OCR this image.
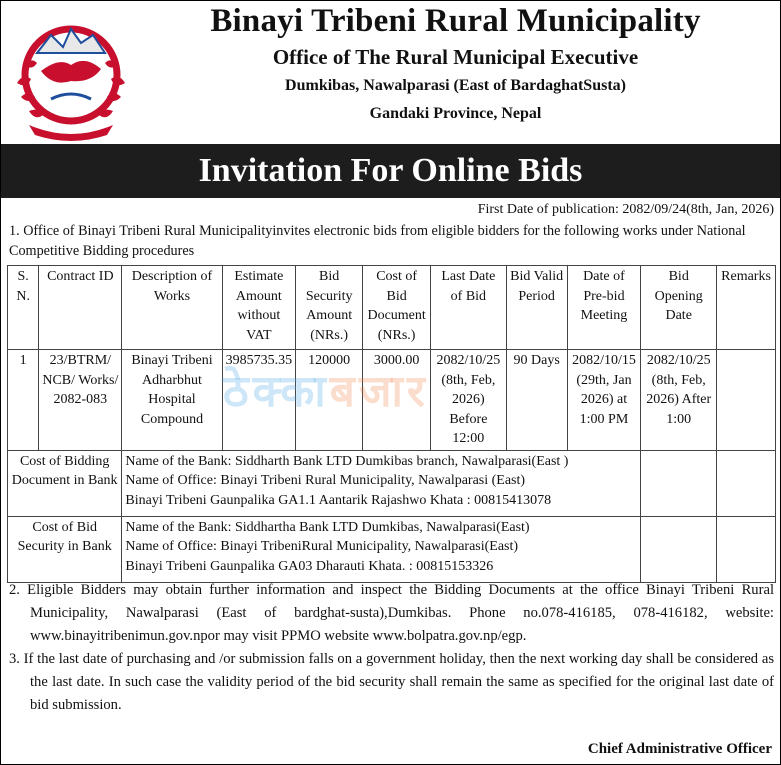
Binayi Tribeni Rural Municipality
Office of The Rural Municipal Executive
Dumkibas, Nawalparasi (East of BardaghatSusta)
Gandaki Province, Nepal
Invitation For Online Bids
First Date of publication: 2082/09/24(8th, Jan, 2026)
1. Office of Binayi Tribeni Rural Municipalityinvites electronic bids from eligible bidders for the following works under National Competitive Bidding procedures
S. N.	Contract ID	Description of Works	Estimate Amount without VAT	Bid Security Amount (NRs.)	Cost of Bid Document (NRs.)	Last Date of Bid	Bid Valid Period	Date of Pre-bid Meeting	Bid Opening Date	Remarks
1	23/BTRM/ NCB/ Works/ 2082-083	Binayi Tribeni Adharbhut Hospital Compound	3985735.35	120000	3000.00	2082/10/25 (8th, Feb, 2026) Before 12:00	90 Days	2082/10/15 (29th, Jan 2026) at 1:00 PM	2082/10/25 (8th, Feb, 2026) After 1:00	
Cost of Bidding Document in Bank		Name of the Bank: Siddharth Bank LTD Dumkibas branch, Nawalparasi(East )
Name of Office: Binayi Tribeni Rural Municipality, Nawalparasi (East)
Binayi Tribeni Gaunpalika GA1.1 Aantarik Rajashwo Khata : 00815413078								

Cost of Bid Security in Bank		Name of the Bank: Siddhartha Bank LTD Dumkibas, Nawalparasi(East)
Name of Office: Binayi TribeniRural Municipality, Nawalparasi(East)
Binayi Tribeni Gaunpalika GA03 Dharauti Khata. : 00815153326								

ठेक्काबजार
2. Eligible Bidders may obtain further information and inspect the Bidding Documents at the office Binayi Tribeni Rural Municipality, Nawalparasi (East of bardghat-susta),Dumkibas. Phone no.078-416185, 078-416182, website: www.binayitribenimun.gov.npor may visit PPMO website www.bolpatra.gov.np/egp.
3. If the last date of purchasing and /or submission falls on a government holiday, then the next working day shall be considered as the last date. In such case the validity period of the bid security shall remain the same as specified for the original last date of bid submission.
Chief Administrative Officer
